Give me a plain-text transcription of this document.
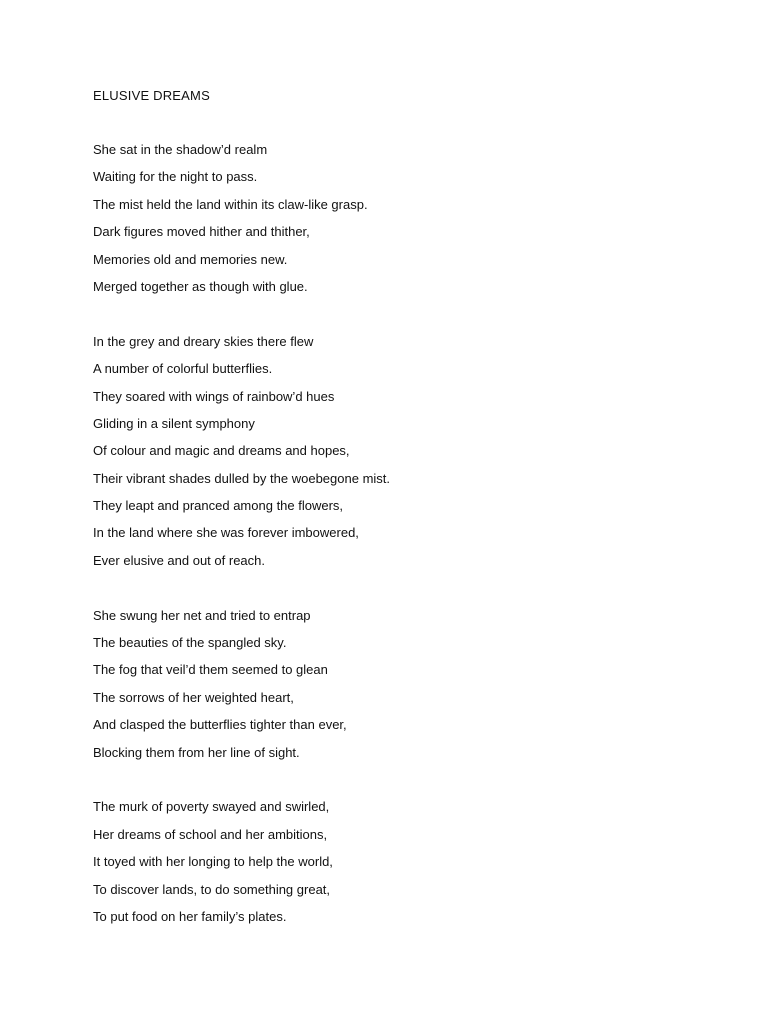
ELUSIVE DREAMS
She sat in the shadow’d realm
Waiting for the night to pass.
The mist held the land within its claw-like grasp.
Dark figures moved hither and thither,
Memories old and memories new.
Merged together as though with glue.
In the grey and dreary skies there flew
A number of colorful butterflies.
They soared with wings of rainbow’d hues
Gliding in a silent symphony
Of colour and magic and dreams and hopes,
Their vibrant shades dulled by the woebegone mist.
They leapt and pranced among the flowers,
In the land where she was forever imbowered,
Ever elusive and out of reach.
She swung her net and tried to entrap
The beauties of the spangled sky.
The fog that veil’d them seemed to glean
The sorrows of her weighted heart,
And clasped the butterflies tighter than ever,
Blocking them from her line of sight.
The murk of poverty swayed and swirled,
Her dreams of school and her ambitions,
It toyed with her longing to help the world,
To discover lands, to do something great,
To put food on her family’s plates.
